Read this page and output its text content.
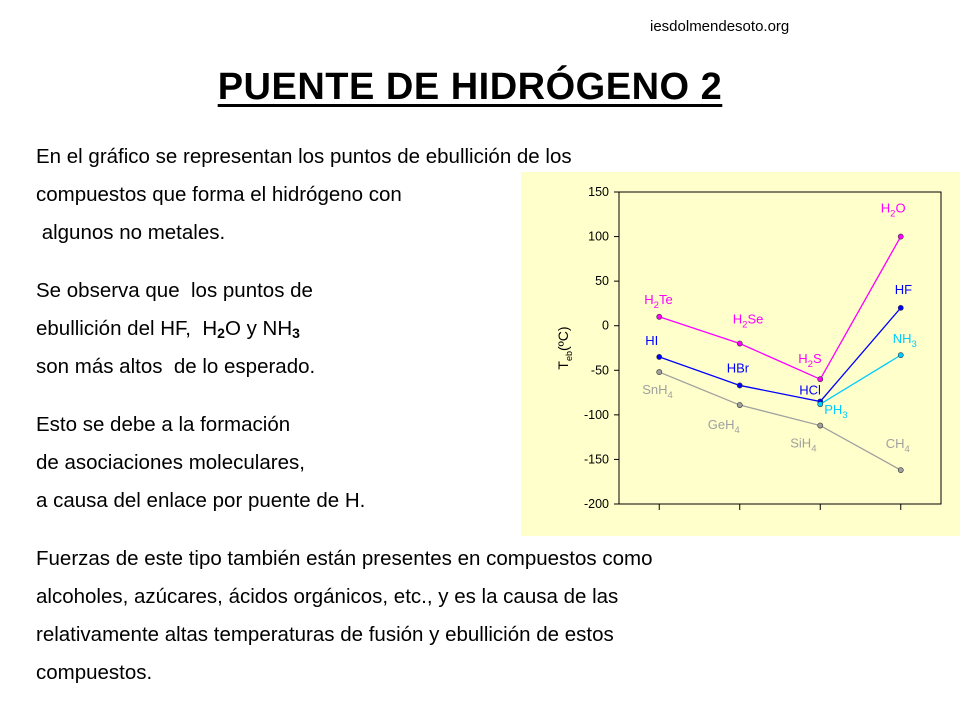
iesdolmendesoto.org
PUENTE DE HIDRÓGENO 2
En el gráfico se representan los puntos de ebullición de los
compuestos que forma el hidrógeno con
algunos no metales.
Se observa que  los puntos de
ebullición del HF,  $H_2O$ y $NH_3$
son más altos  de lo esperado.
Esto se debe a la formación
de asociaciones moleculares,
a causa del enlace por puente de H.
Fuerzas de este tipo también están presentes en compuestos como
alcoholes, azúcares, ácidos orgánicos, etc., y es la causa de las
relativamente altas temperaturas de fusión y ebullición de estos
compuestos.
150
100
50
0
-50
-100
-150
-200
$T_{eb}(ºC)$
$H_2Te$
$H_2Se$
$H_2S$
$H_2O$
HI
HBr
HCl
HF
$PH_3$
$NH_3$
SnH$_4$
GeH$_4$
SiH$_4$	$CH_4$
